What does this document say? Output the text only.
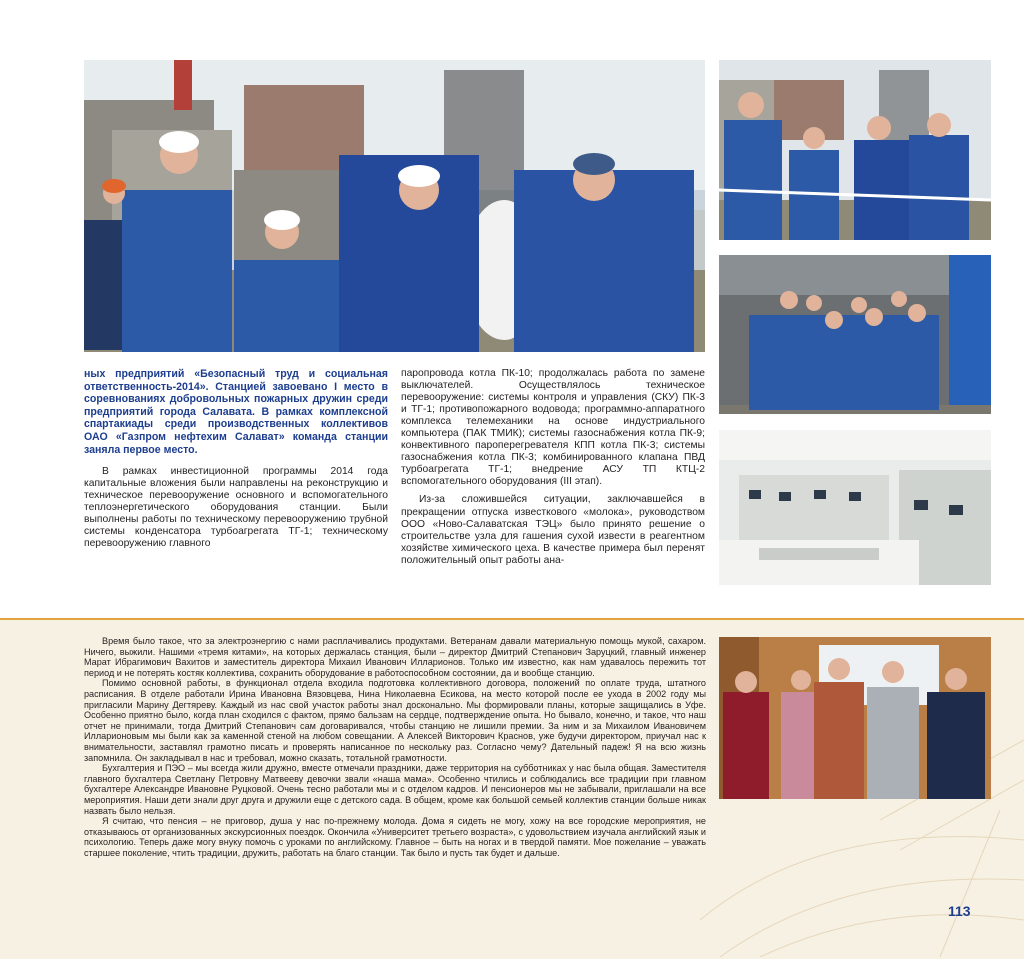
ных предприятий «Безопасный труд и социальная ответственность-2014». Станцией завоевано I место в соревнованиях добровольных пожарных дружин среди предприятий города Салавата. В рамках комплексной спартакиады среди производственных коллективов ОАО «Газпром нефтехим Салават» команда станции заняла первое место.

В рамках инвестиционной программы 2014 года капитальные вложения были направлены на реконструкцию и техническое перевооружение основного и вспомогательного теплоэнергетического оборудования станции. Были выполнены работы по техническому перевооружению трубной системы конденсатора турбоагрегата ТГ-1; техническому перевооружению главного

паропровода котла ПК-10; продолжалась работа по замене выключателей. Осуществлялось техническое перевооружение: системы контроля и управления (СКУ) ПК-3 и ТГ-1; противопожарного водовода; программно-аппаратного комплекса телемеханики на основе индустриального компьютера (ПАК ТМИК); системы газоснабжения котла ПК-9; конвективного пароперегревателя КПП котла ПК-3; системы газоснабжения котла ПК-3; комбинированного клапана ПВД турбоагрегата ТГ-1; внедрение АСУ ТП КТЦ-2 вспомогательного оборудования (III этап).

Из-за сложившейся ситуации, заключавшейся в прекращении отпуска известкового «молока», руководством ООО «Ново-Салаватская ТЭЦ» было принято решение о строительстве узла для гашения сухой извести в реагентном хозяйстве химического цеха. В качестве примера был перенят положительный опыт работы ана-

Время было такое, что за электроэнергию с нами расплачивались продуктами. Ветеранам давали материальную помощь мукой, сахаром. Ничего, выжили. Нашими «тремя китами», на которых держалась станция, были – директор Дмитрий Степанович Заруцкий, главный инженер Марат Ибрагимович Вахитов и заместитель директора Михаил Иванович Илларионов. Только им известно, как нам удавалось пережить тот период и не потерять костяк коллектива, сохранить оборудование в работоспособном состоянии, да и вообще станцию.

Помимо основной работы, в функционал отдела входила подготовка коллективного договора, положений по оплате труда, штатного расписания. В отделе работали Ирина Ивановна Вязовцева, Нина Николаевна Есикова, на место которой после ее ухода в 2002 году мы пригласили Марину Дегтяреву. Каждый из нас свой участок работы знал досконально. Мы формировали планы, которые защищались в Уфе. Особенно приятно было, когда план сходился с фактом, прямо бальзам на сердце, подтверждение опыта. Но бывало, конечно, и такое, что наш отчет не принимали, тогда Дмитрий Степанович сам договаривался, чтобы станцию не лишили премии. За ним и за Михаилом Ивановичем Илларионовым мы были как за каменной стеной на любом совещании. А Алексей Викторович Краснов, уже будучи директором, приучал нас к внимательности, заставлял грамотно писать и проверять написанное по нескольку раз. Согласно чему? Дательный падеж! Я на всю жизнь запомнила. Он закладывал в нас и требовал, можно сказать, тотальной грамотности.

Бухгалтерия и ПЭО – мы всегда жили дружно, вместе отмечали праздники, даже территория на субботниках у нас была общая. Заместителя главного бухгалтера Светлану Петровну Матвееву девочки звали «наша мама». Особенно чтились и соблюдались все традиции при главном бухгалтере Александре Ивановне Руцковой. Очень тесно работали мы и с отделом кадров. И пенсионеров мы не забывали, приглашали на все мероприятия. Наши дети знали друг друга и дружили еще с детского сада. В общем, кроме как большой семьей коллектив станции больше никак назвать было нельзя.

Я считаю, что пенсия – не приговор, душа у нас по-прежнему молода. Дома я сидеть не могу, хожу на все городские мероприятия, не отказываюсь от организованных экскурсионных поездок. Окончила «Университет третьего возраста», с удовольствием изучала английский язык и психологию. Теперь даже могу внуку помочь с уроками по английскому. Главное – быть на ногах и в твердой памяти. Мое пожелание – уважать старшее поколение, чтить традиции, дружить, работать на благо станции. Так было и пусть так будет и дальше.

113
